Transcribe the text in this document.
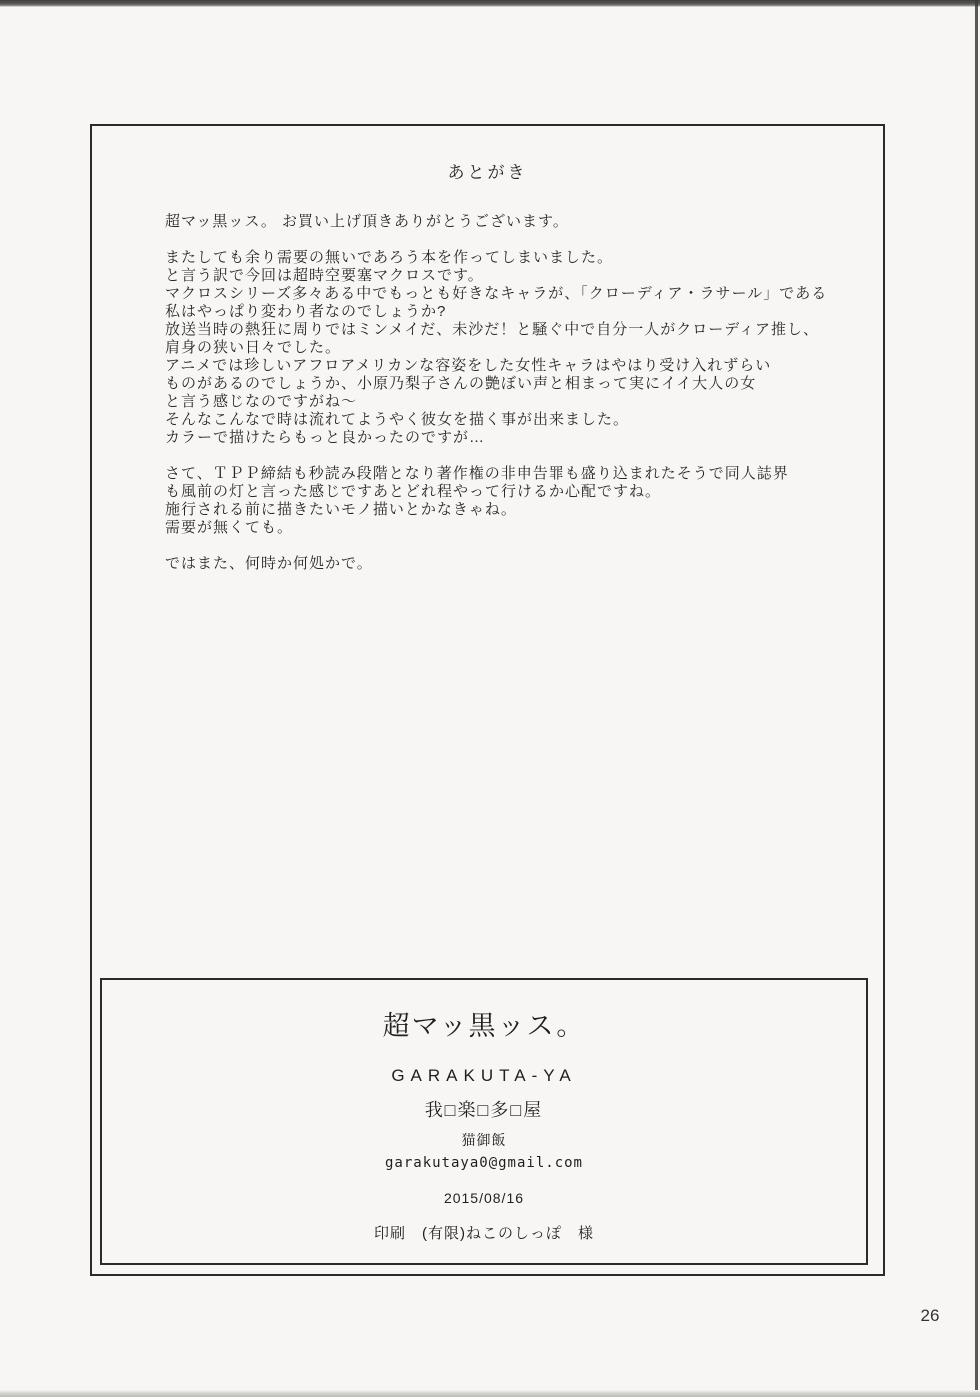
あとがき
超マッ黒ッス。 お買い上げ頂きありがとうございます。

またしても余り需要の無いであろう本を作ってしまいました。
と言う訳で今回は超時空要塞マクロスです。
マクロスシリーズ多々ある中でもっとも好きなキャラが、「クローディア・ラサール」である
私はやっぱり変わり者なのでしょうか?
放送当時の熱狂に周りではミンメイだ、未沙だ！と騒ぐ中で自分一人がクローディア推し、
肩身の狭い日々でした。
アニメでは珍しいアフロアメリカンな容姿をした女性キャラはやはり受け入れずらい
ものがあるのでしょうか、小原乃梨子さんの艶ぼい声と相まって実にイイ大人の女
と言う感じなのですがね〜
そんなこんなで時は流れてようやく彼女を描く事が出来ました。
カラーで描けたらもっと良かったのですが…

さて、ＴＰＰ締結も秒読み段階となり著作権の非申告罪も盛り込まれたそうで同人誌界
も風前の灯と言った感じですあとどれ程やって行けるか心配ですね。
施行される前に描きたいモノ描いとかなきゃね。
需要が無くても。

ではまた、何時か何処かで。
超マッ黒ッス。
GARAKUTA-YA
我□楽□多□屋
猫御飯
garakutaya0@gmail.com
2015/08/16
印刷　(有限)ねこのしっぽ　様
26
